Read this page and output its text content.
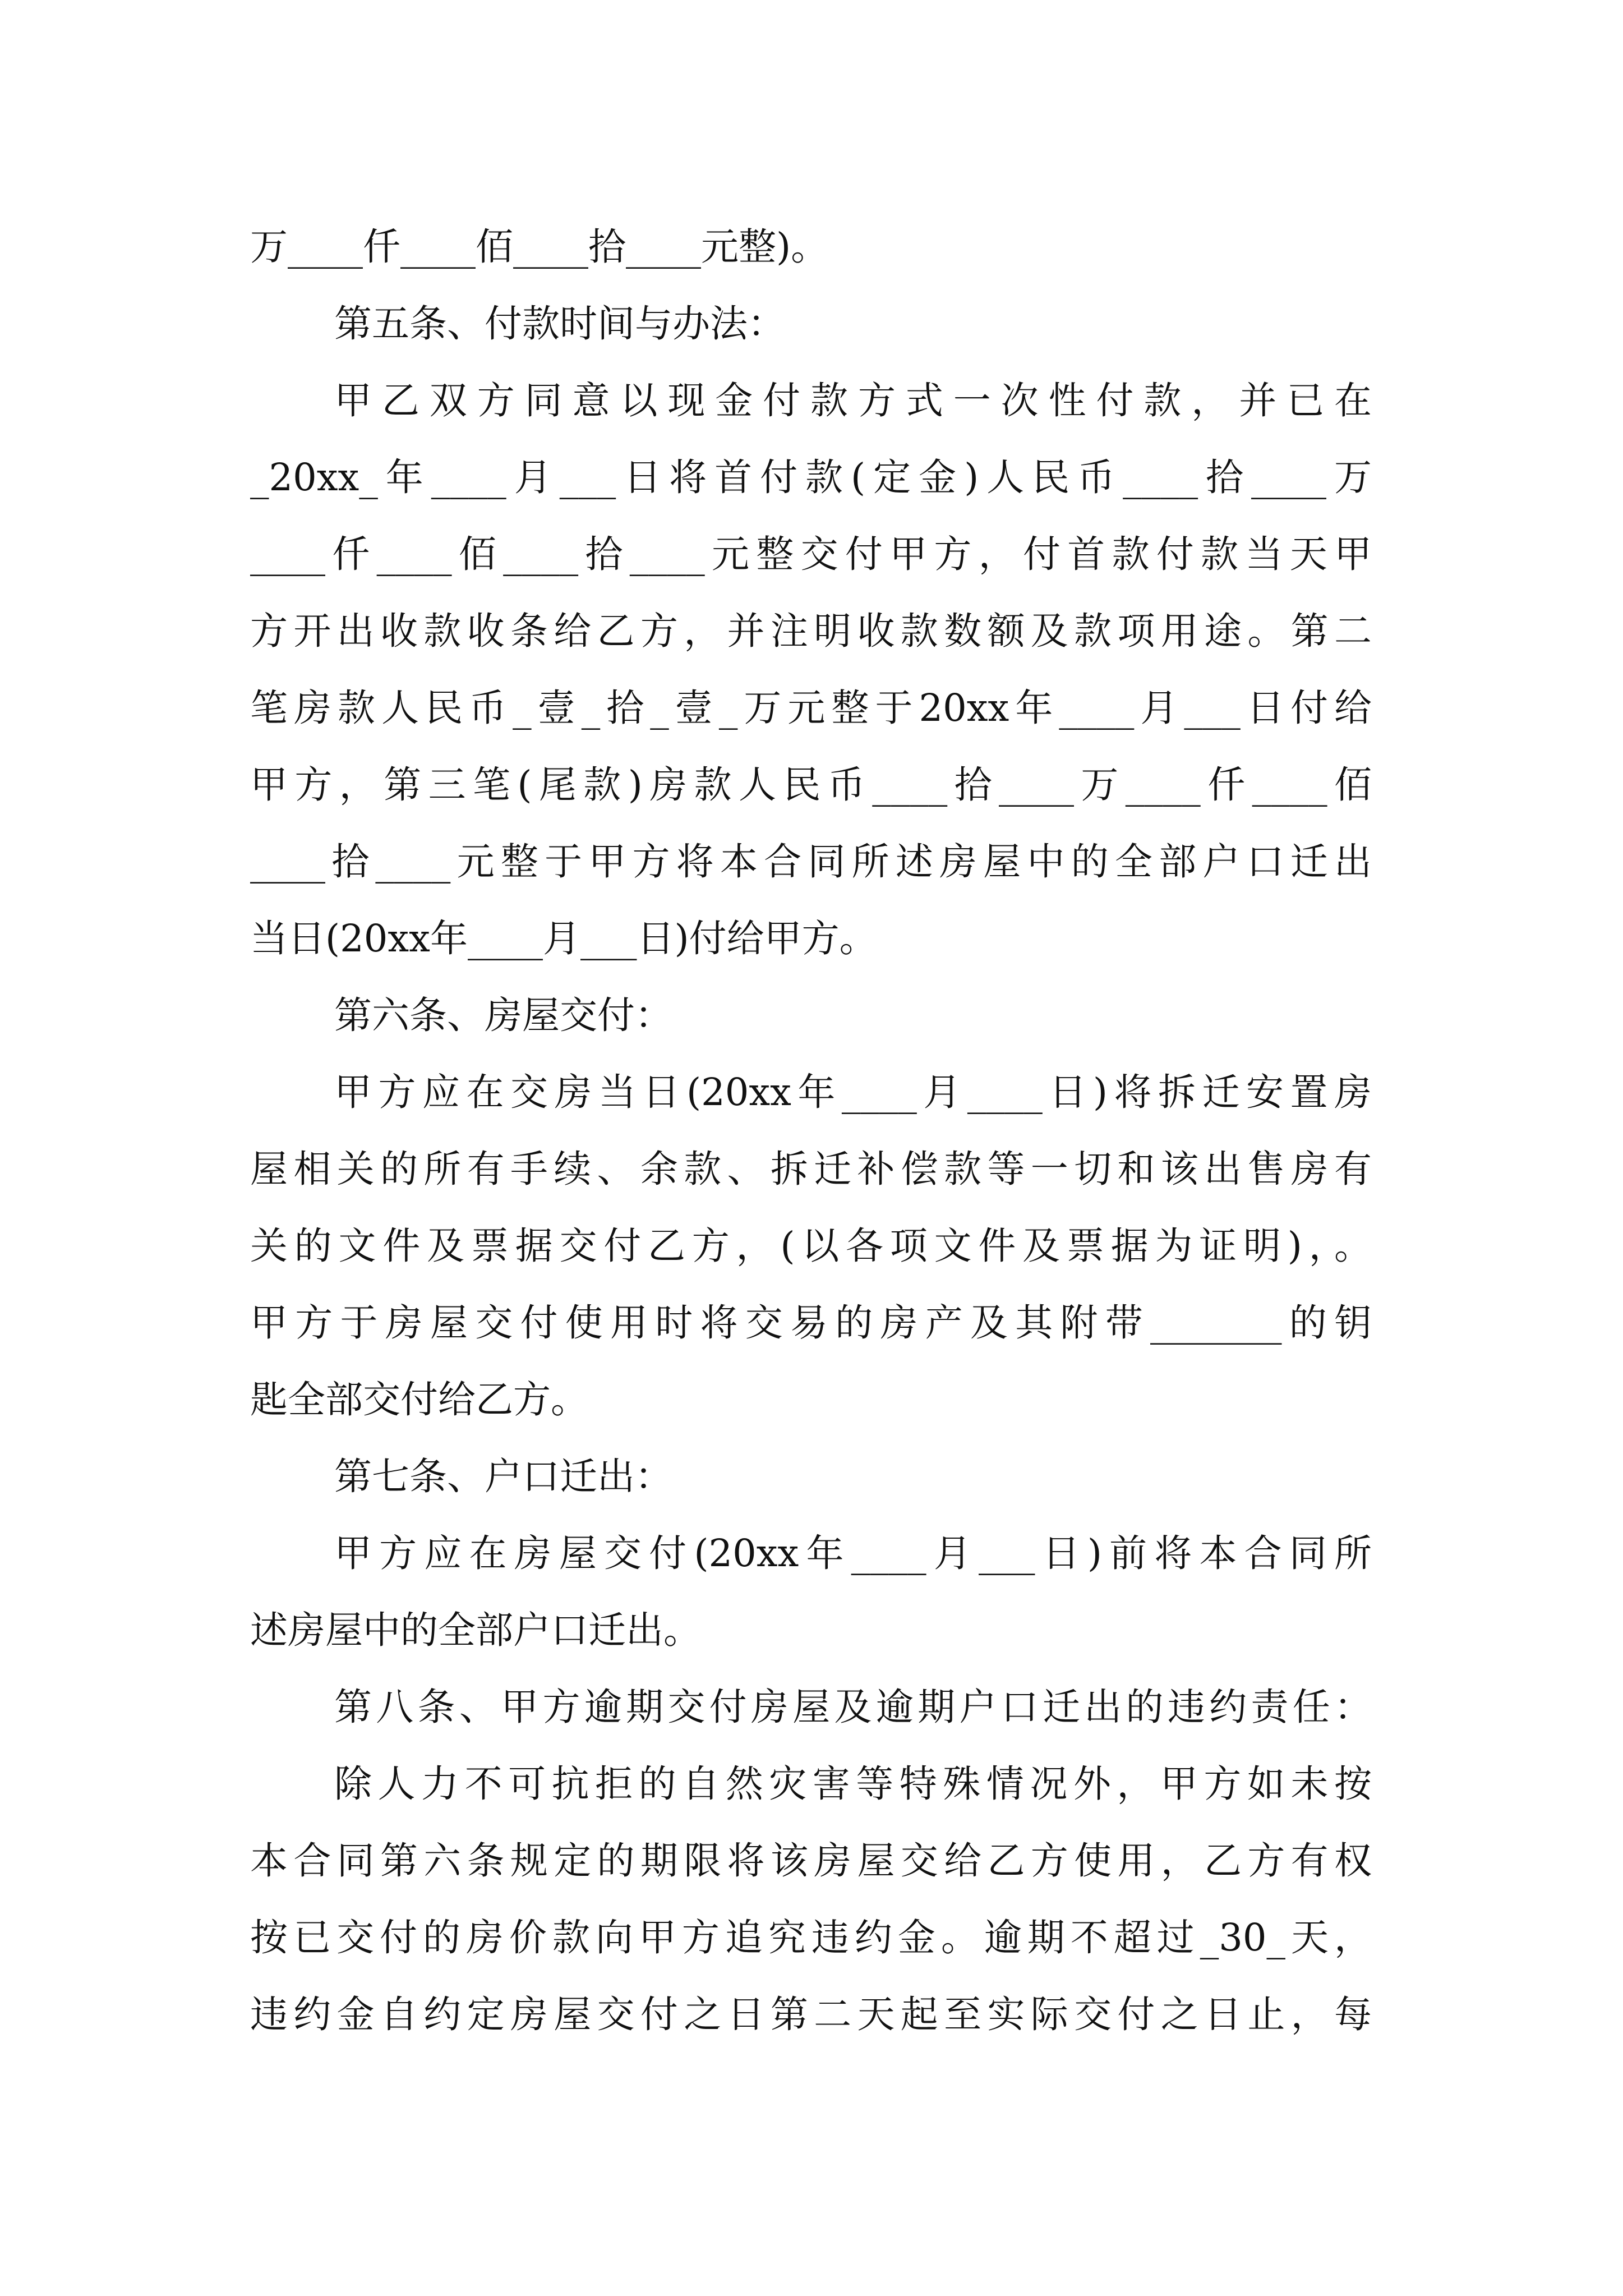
万____仟____佰____拾____元整)。
第五条、付款时间与办法：
甲乙双方同意以现金付款方式一次性付款，并已在
_20xx_年____月___日将首付款(定金)人民币____拾____万
____仟____佰____拾____元整交付甲方，付首款付款当天甲
方开出收款收条给乙方，并注明收款数额及款项用途。第二
笔房款人民币_壹_拾_壹_万元整于20xx年____月___日付给
甲方，第三笔(尾款)房款人民币____拾____万____仟____佰
____拾____元整于甲方将本合同所述房屋中的全部户口迁出
当日(20xx年____月___日)付给甲方。
第六条、房屋交付：
甲方应在交房当日(20xx年____月____日)将拆迁安置房
屋相关的所有手续、余款、拆迁补偿款等一切和该出售房有
关的文件及票据交付乙方，(以各项文件及票据为证明)，。
甲方于房屋交付使用时将交易的房产及其附带_______的钥
匙全部交付给乙方。
第七条、户口迁出：
甲方应在房屋交付(20xx年____月___日)前将本合同所
述房屋中的全部户口迁出。
第八条、甲方逾期交付房屋及逾期户口迁出的违约责任：
除人力不可抗拒的自然灾害等特殊情况外，甲方如未按
本合同第六条规定的期限将该房屋交给乙方使用，乙方有权
按已交付的房价款向甲方追究违约金。逾期不超过_30_天，
违约金自约定房屋交付之日第二天起至实际交付之日止，每
